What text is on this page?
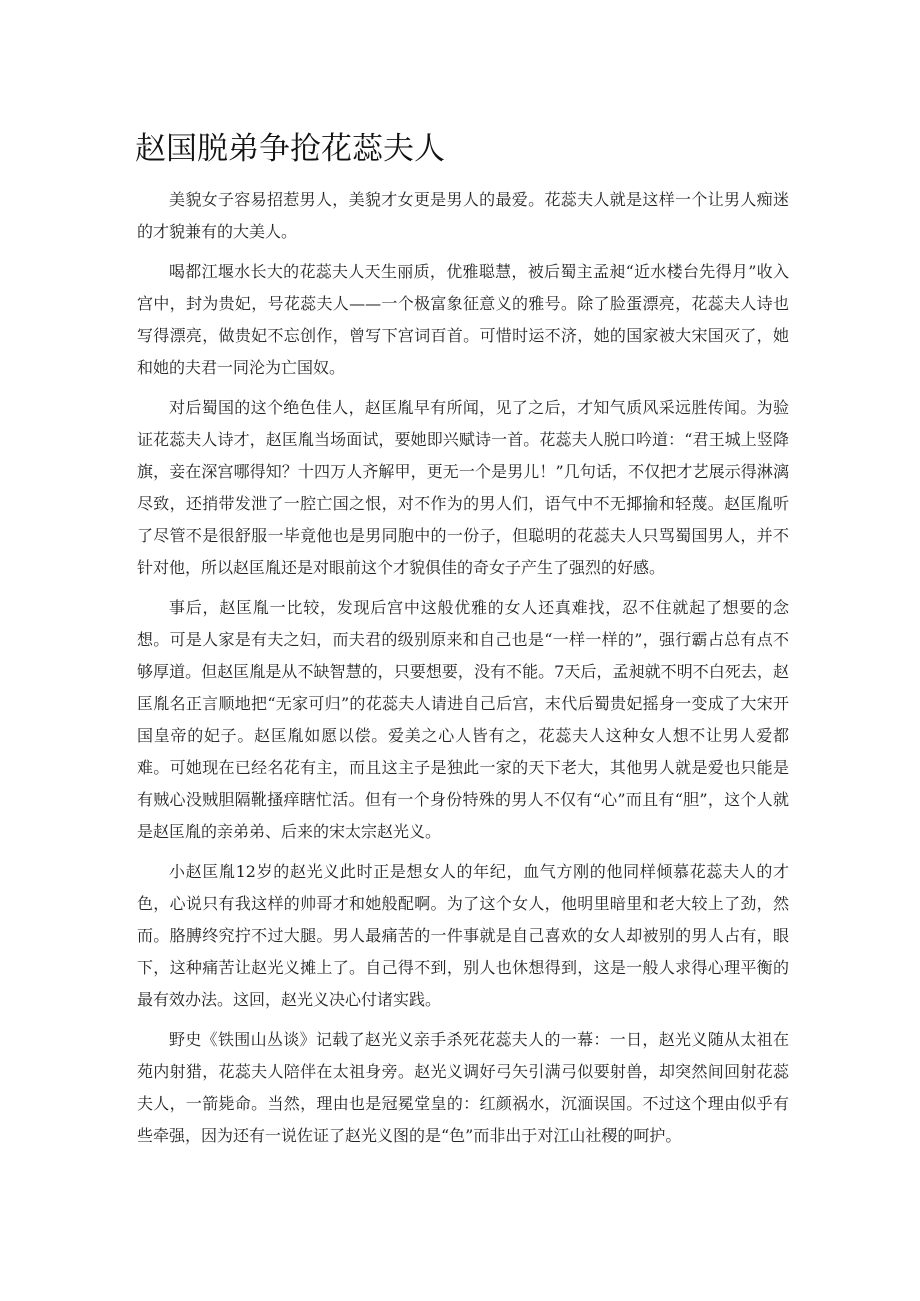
赵国脱弟争抢花蕊夫人

美貌女子容易招惹男人，美貌才女更是男人的最爱。花蕊夫人就是这样一个让男人痴迷的才貌兼有的大美人。

喝都江堰水长大的花蕊夫人天生丽质，优雅聪慧，被后蜀主孟昶“近水楼台先得月”收入宫中，封为贵妃，号花蕊夫人——一个极富象征意义的雅号。除了脸蛋漂亮，花蕊夫人诗也写得漂亮，做贵妃不忘创作，曾写下宫词百首。可惜时运不济，她的国家被大宋国灭了，她和她的夫君一同沦为亡国奴。

对后蜀国的这个绝色佳人，赵匡胤早有所闻，见了之后，才知气质风采远胜传闻。为验证花蕊夫人诗才，赵匡胤当场面试，要她即兴赋诗一首。花蕊夫人脱口吟道：“君王城上竖降旗，妾在深宫哪得知？十四万人齐解甲，更无一个是男儿！”几句话，不仅把才艺展示得淋漓尽致，还捎带发泄了一腔亡国之恨，对不作为的男人们，语气中不无揶揄和轻蔑。赵匡胤听了尽管不是很舒服一毕竟他也是男同胞中的一份子，但聪明的花蕊夫人只骂蜀国男人，并不针对他，所以赵匡胤还是对眼前这个才貌俱佳的奇女子产生了强烈的好感。

事后，赵匡胤一比较，发现后宫中这般优雅的女人还真难找，忍不住就起了想要的念想。可是人家是有夫之妇，而夫君的级别原来和自己也是“一样一样的”，强行霸占总有点不够厚道。但赵匡胤是从不缺智慧的，只要想要，没有不能。7天后，孟昶就不明不白死去，赵匡胤名正言顺地把“无家可归”的花蕊夫人请进自己后宫，末代后蜀贵妃摇身一变成了大宋开国皇帝的妃子。赵匡胤如愿以偿。爱美之心人皆有之，花蕊夫人这种女人想不让男人爱都难。可她现在已经名花有主，而且这主子是独此一家的天下老大，其他男人就是爱也只能是有贼心没贼胆隔靴搔痒瞎忙活。但有一个身份特殊的男人不仅有“心”而且有“胆”，这个人就是赵匡胤的亲弟弟、后来的宋太宗赵光义。

小赵匡胤12岁的赵光义此时正是想女人的年纪，血气方刚的他同样倾慕花蕊夫人的才色，心说只有我这样的帅哥才和她般配啊。为了这个女人，他明里暗里和老大较上了劲，然而。胳膊终究拧不过大腿。男人最痛苦的一件事就是自己喜欢的女人却被别的男人占有，眼下，这种痛苦让赵光义摊上了。自己得不到，别人也休想得到，这是一般人求得心理平衡的最有效办法。这回，赵光义决心付诸实践。

野史《铁围山丛谈》记载了赵光义亲手杀死花蕊夫人的一幕：一日，赵光义随从太祖在苑内射猎，花蕊夫人陪伴在太祖身旁。赵光义调好弓矢引满弓似要射兽，却突然间回射花蕊夫人，一箭毙命。当然，理由也是冠冕堂皇的：红颜祸水，沉湎误国。不过这个理由似乎有些牵强，因为还有一说佐证了赵光义图的是“色”而非出于对江山社稷的呵护。
